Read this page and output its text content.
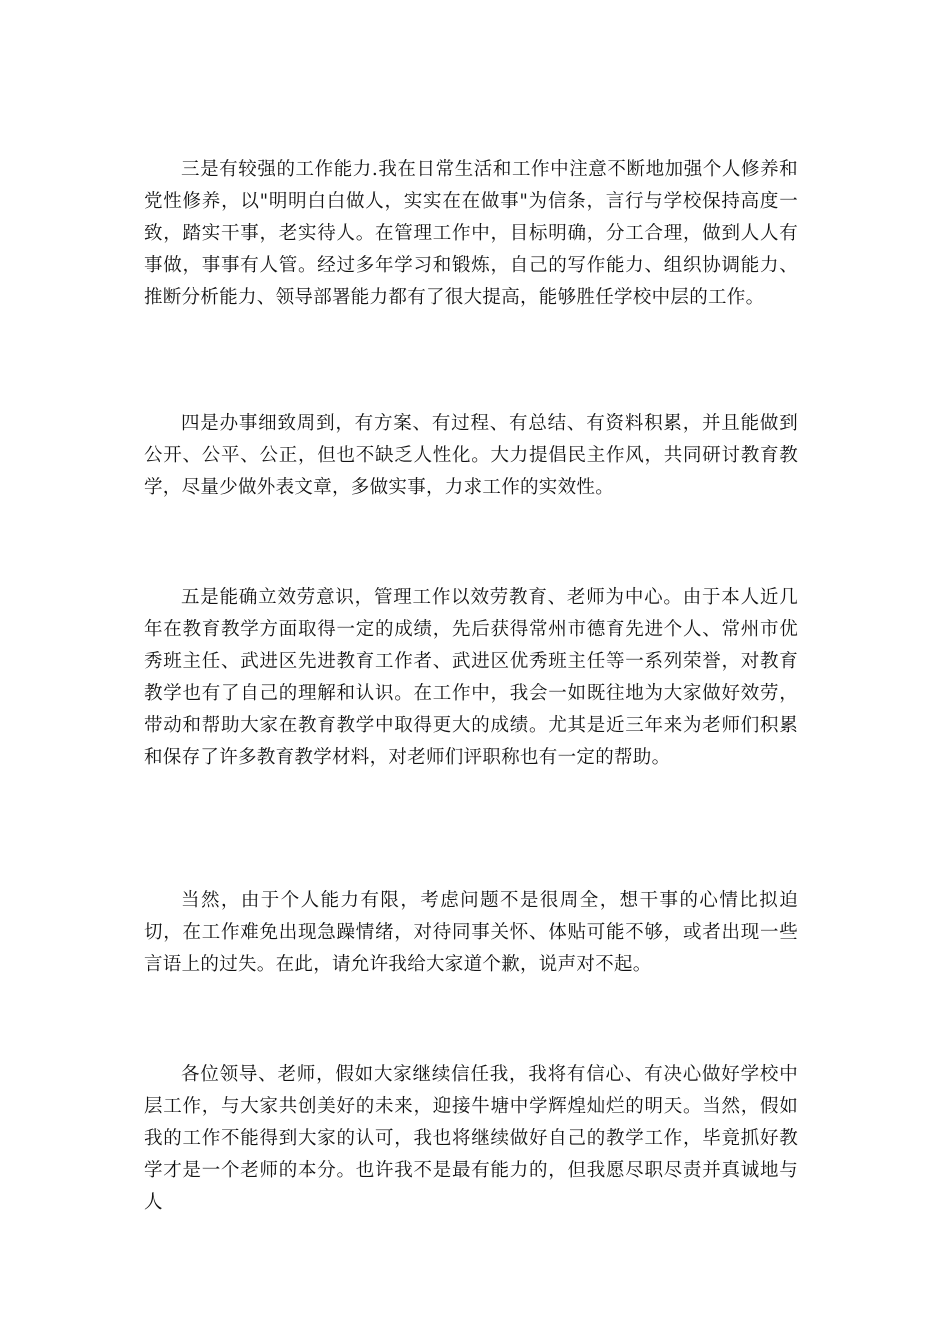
三是有较强的工作能力.我在日常生活和工作中注意不断地加强个人修养和党性修养，以"明明白白做人，实实在在做事"为信条，言行与学校保持高度一致，踏实干事，老实待人。在管理工作中，目标明确，分工合理，做到人人有事做，事事有人管。经过多年学习和锻炼，自己的写作能力、组织协调能力、推断分析能力、领导部署能力都有了很大提高，能够胜任学校中层的工作。

四是办事细致周到，有方案、有过程、有总结、有资料积累，并且能做到公开、公平、公正，但也不缺乏人性化。大力提倡民主作风，共同研讨教育教学，尽量少做外表文章，多做实事，力求工作的实效性。

五是能确立效劳意识，管理工作以效劳教育、老师为中心。由于本人近几年在教育教学方面取得一定的成绩，先后获得常州市德育先进个人、常州市优秀班主任、武进区先进教育工作者、武进区优秀班主任等一系列荣誉，对教育教学也有了自己的理解和认识。在工作中，我会一如既往地为大家做好效劳，带动和帮助大家在教育教学中取得更大的成绩。尤其是近三年来为老师们积累和保存了许多教育教学材料，对老师们评职称也有一定的帮助。

当然，由于个人能力有限，考虑问题不是很周全，想干事的心情比拟迫切，在工作难免出现急躁情绪，对待同事关怀、体贴可能不够，或者出现一些言语上的过失。在此，请允许我给大家道个歉，说声对不起。

各位领导、老师，假如大家继续信任我，我将有信心、有决心做好学校中层工作，与大家共创美好的未来，迎接牛塘中学辉煌灿烂的明天。当然，假如我的工作不能得到大家的认可，我也将继续做好自己的教学工作，毕竟抓好教学才是一个老师的本分。也许我不是最有能力的，但我愿尽职尽责并真诚地与人
